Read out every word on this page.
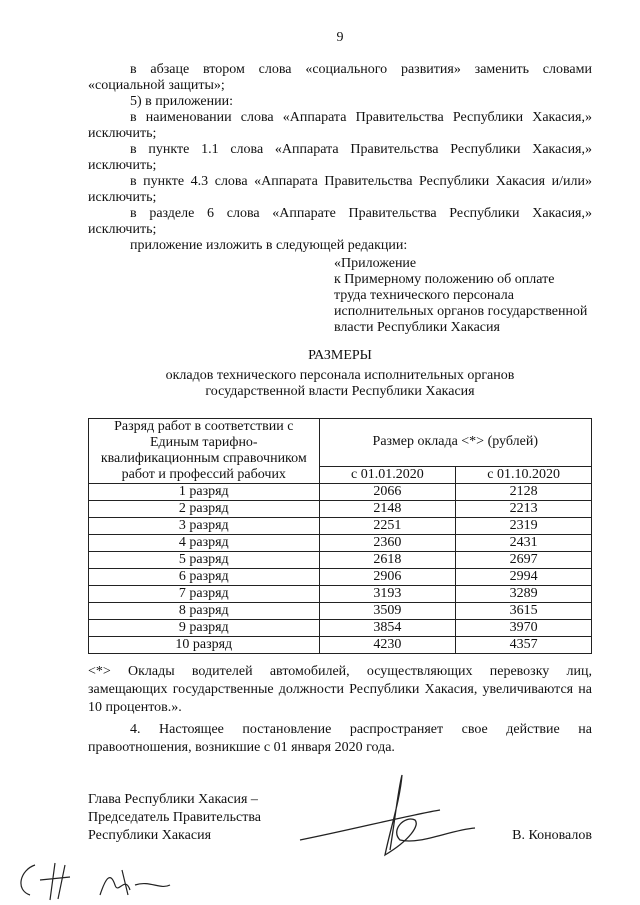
9
в абзаце втором слова «социального развития» заменить словами
«социальной защиты»;
5) в приложении:
в наименовании слова «Аппарата Правительства Республики Хакасия,»
исключить;
в пункте 1.1 слова «Аппарата Правительства Республики Хакасия,»
исключить;
в пункте 4.3 слова «Аппарата Правительства Республики Хакасия и/или»
исключить;
в разделе 6 слова «Аппарате Правительства Республики Хакасия,»
исключить;
приложение изложить в следующей редакции:
«Приложение
к Примерному положению об оплате
труда технического персонала
исполнительных органов государственной
власти Республики Хакасия
РАЗМЕРЫ
окладов технического персонала исполнительных органов
государственной власти Республики Хакасия
Разряд работ в соответствии с
Единым тарифно-
квалификационным справочником
работ и профессий рабочих	Размер оклада <*> (рублей)	
	с 01.01.2020	с 01.10.2020
1 разряд	2066	2128
2 разряд	2148	2213
3 разряд	2251	2319
4 разряд	2360	2431
5 разряд	2618	2697
6 разряд	2906	2994
7 разряд	3193	3289
8 разряд	3509	3615
9 разряд	3854	3970
10 разряд	4230	4357
<*> Оклады водителей автомобилей, осуществляющих перевозку лиц,
замещающих государственные должности Республики Хакасия, увеличиваются на
10 процентов.».
4. Настоящее постановление распространяет свое действие на
правоотношения, возникшие с 01 января 2020 года.
Глава Республики Хакасия –
Председатель Правительства
Республики Хакасия	В. Коновалов
